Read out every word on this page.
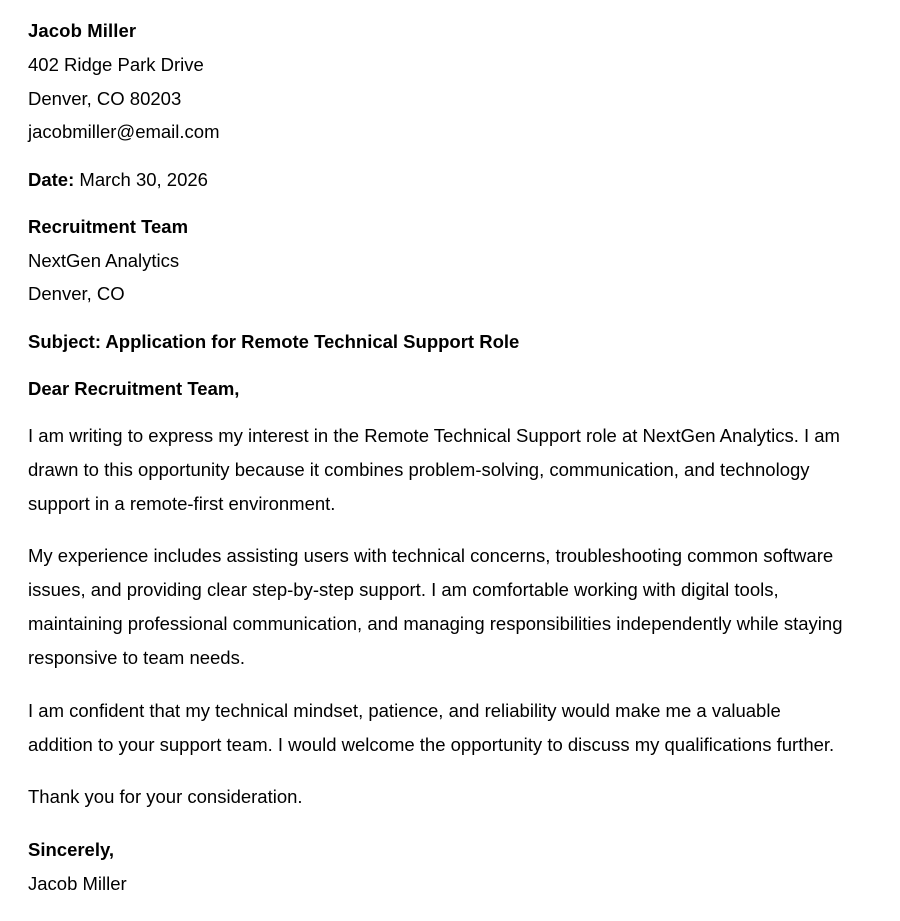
Jacob Miller
402 Ridge Park Drive
Denver, CO 80203
jacobmiller@email.com
Date: March 30, 2026
Recruitment Team
NextGen Analytics
Denver, CO
Subject: Application for Remote Technical Support Role
Dear Recruitment Team,

I am writing to express my interest in the Remote Technical Support role at NextGen Analytics. I am drawn to this opportunity because it combines problem-solving, communication, and technology support in a remote-first environment.

My experience includes assisting users with technical concerns, troubleshooting common software issues, and providing clear step-by-step support. I am comfortable working with digital tools, maintaining professional communication, and managing responsibilities independently while staying responsive to team needs.

I am confident that my technical mindset, patience, and reliability would make me a valuable addition to your support team. I would welcome the opportunity to discuss my qualifications further.

Thank you for your consideration.

Sincerely,
Jacob Miller
